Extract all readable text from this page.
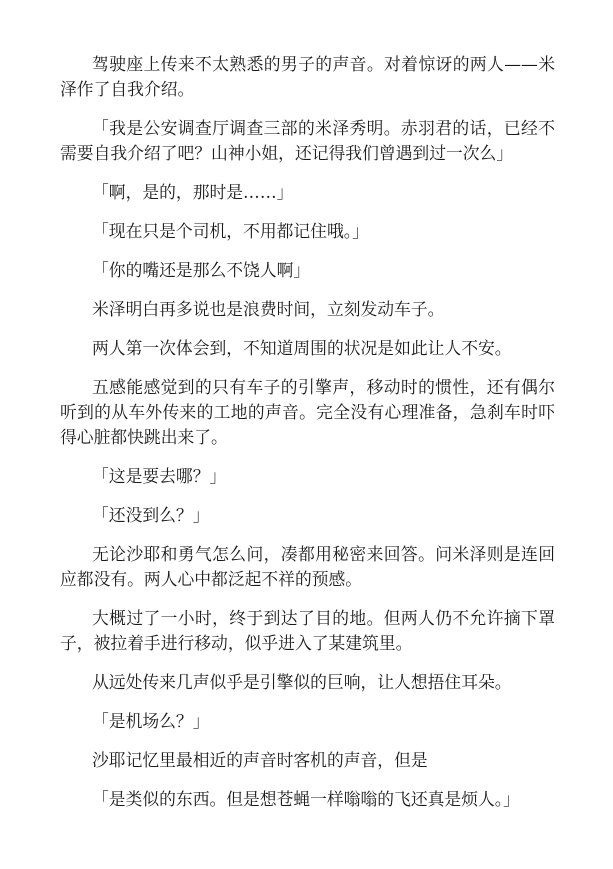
驾驶座上传来不太熟悉的男子的声音。对着惊讶的两人——米泽作了自我介绍。

「我是公安调查厅调查三部的米泽秀明。赤羽君的话，已经不需要自我介绍了吧？山神小姐，还记得我们曾遇到过一次么」

「啊，是的，那时是……」

「现在只是个司机，不用都记住哦。」

「你的嘴还是那么不饶人啊」

米泽明白再多说也是浪费时间，立刻发动车子。

两人第一次体会到，不知道周围的状况是如此让人不安。

五感能感觉到的只有车子的引擎声，移动时的惯性，还有偶尔听到的从车外传来的工地的声音。完全没有心理准备，急刹车时吓得心脏都快跳出来了。

「这是要去哪？」

「还没到么？」

无论沙耶和勇气怎么问，凑都用秘密来回答。问米泽则是连回应都没有。两人心中都泛起不祥的预感。

大概过了一小时，终于到达了目的地。但两人仍不允许摘下罩子，被拉着手进行移动，似乎进入了某建筑里。

从远处传来几声似乎是引擎似的巨响，让人想捂住耳朵。

「是机场么？」

沙耶记忆里最相近的声音时客机的声音，但是

「是类似的东西。但是想苍蝇一样嗡嗡的飞还真是烦人。」
